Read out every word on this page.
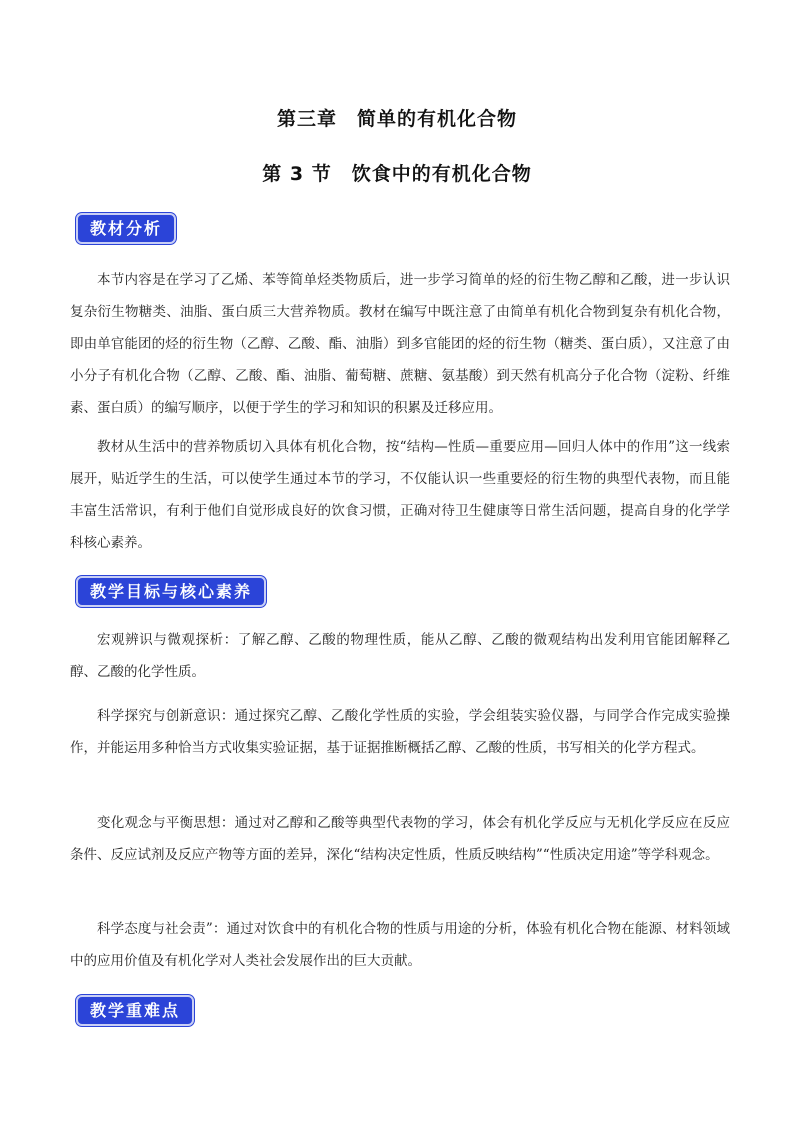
第三章　简单的有机化合物
第 3 节　饮食中的有机化合物
教材分析

本节内容是在学习了乙烯、苯等简单烃类物质后，进一步学习简单的烃的衍生物乙醇和乙酸，进一步认识复杂衍生物糖类、油脂、蛋白质三大营养物质。教材在编写中既注意了由简单有机化合物到复杂有机化合物，即由单官能团的烃的衍生物（乙醇、乙酸、酯、油脂）到多官能团的烃的衍生物（糖类、蛋白质），又注意了由小分子有机化合物（乙醇、乙酸、酯、油脂、葡萄糖、蔗糖、氨基酸）到天然有机高分子化合物（淀粉、纤维素、蛋白质）的编写顺序，以便于学生的学习和知识的积累及迁移应用。

教材从生活中的营养物质切入具体有机化合物，按“结构—性质—重要应用—回归人体中的作用”这一线索展开，贴近学生的生活，可以使学生通过本节的学习，不仅能认识一些重要烃的衍生物的典型代表物，而且能丰富生活常识，有利于他们自觉形成良好的饮食习惯，正确对待卫生健康等日常生活问题，提高自身的化学学科核心素养。

教学目标与核心素养

宏观辨识与微观探析：了解乙醇、乙酸的物理性质，能从乙醇、乙酸的微观结构出发利用官能团解释乙醇、乙酸的化学性质。

科学探究与创新意识：通过探究乙醇、乙酸化学性质的实验，学会组装实验仪器，与同学合作完成实验操作，并能运用多种恰当方式收集实验证据，基于证据推断概括乙醇、乙酸的性质，书写相关的化学方程式。

变化观念与平衡思想：通过对乙醇和乙酸等典型代表物的学习，体会有机化学反应与无机化学反应在反应条件、反应试剂及反应产物等方面的差异，深化“结构决定性质，性质反映结构”“性质决定用途”等学科观念。

科学态度与社会责”：通过对饮食中的有机化合物的性质与用途的分析，体验有机化合物在能源、材料领域中的应用价值及有机化学对人类社会发展作出的巨大贡献。

教学重难点
